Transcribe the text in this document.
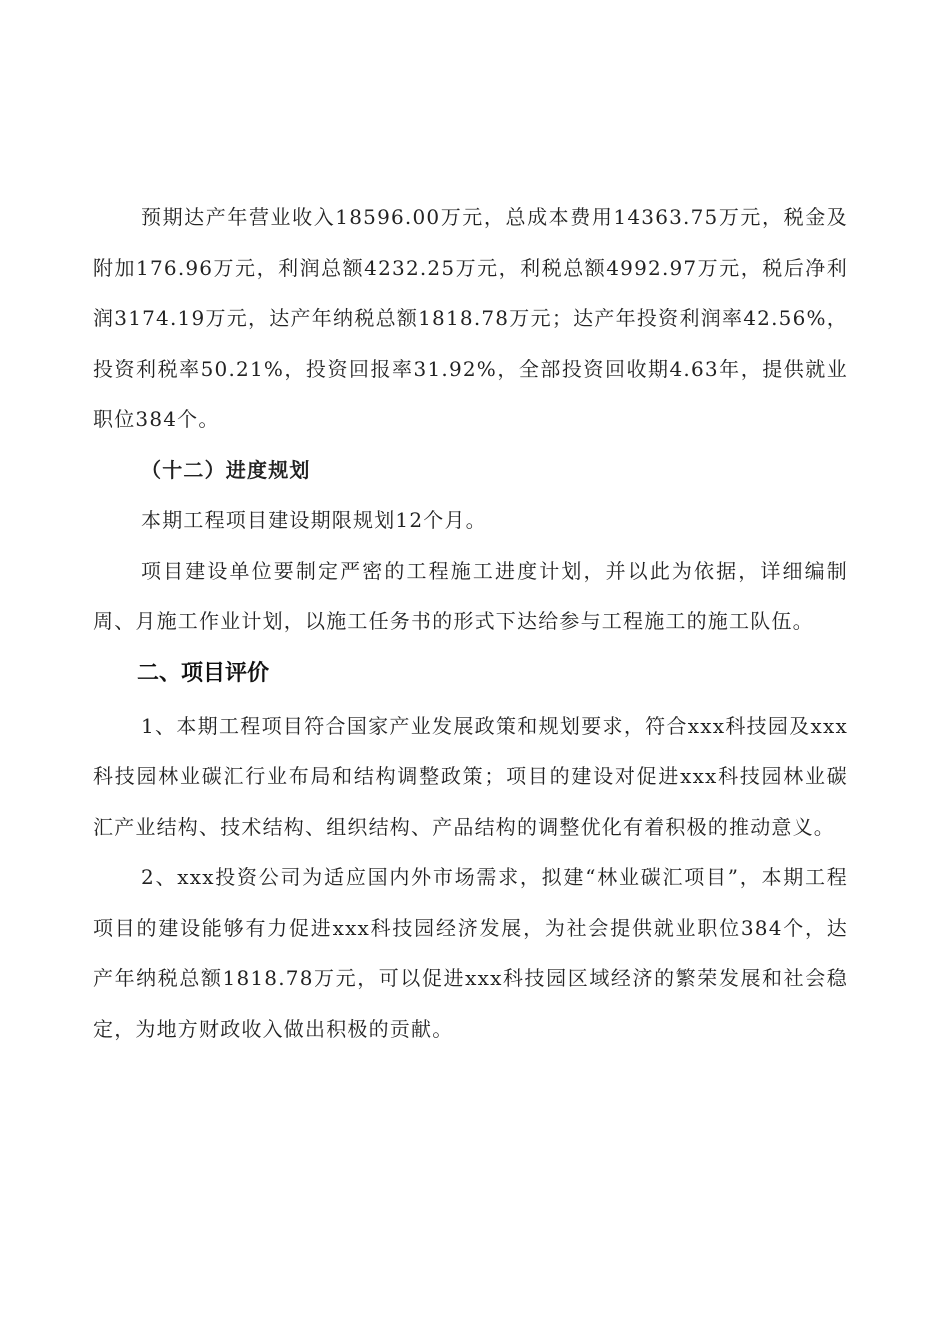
预期达产年营业收入18596.00万元，总成本费用14363.75万元，税金及附加176.96万元，利润总额4232.25万元，利税总额4992.97万元，税后净利润3174.19万元，达产年纳税总额1818.78万元；达产年投资利润率42.56%，投资利税率50.21%，投资回报率31.92%，全部投资回收期4.63年，提供就业职位384个。

（十二）进度规划

本期工程项目建设期限规划12个月。

项目建设单位要制定严密的工程施工进度计划，并以此为依据，详细编制周、月施工作业计划，以施工任务书的形式下达给参与工程施工的施工队伍。

二、项目评价

1、本期工程项目符合国家产业发展政策和规划要求，符合xxx科技园及xxx科技园林业碳汇行业布局和结构调整政策；项目的建设对促进xxx科技园林业碳汇产业结构、技术结构、组织结构、产品结构的调整优化有着积极的推动意义。

2、xxx投资公司为适应国内外市场需求，拟建“林业碳汇项目”，本期工程项目的建设能够有力促进xxx科技园经济发展，为社会提供就业职位384个，达产年纳税总额1818.78万元，可以促进xxx科技园区域经济的繁荣发展和社会稳定，为地方财政收入做出积极的贡献。
